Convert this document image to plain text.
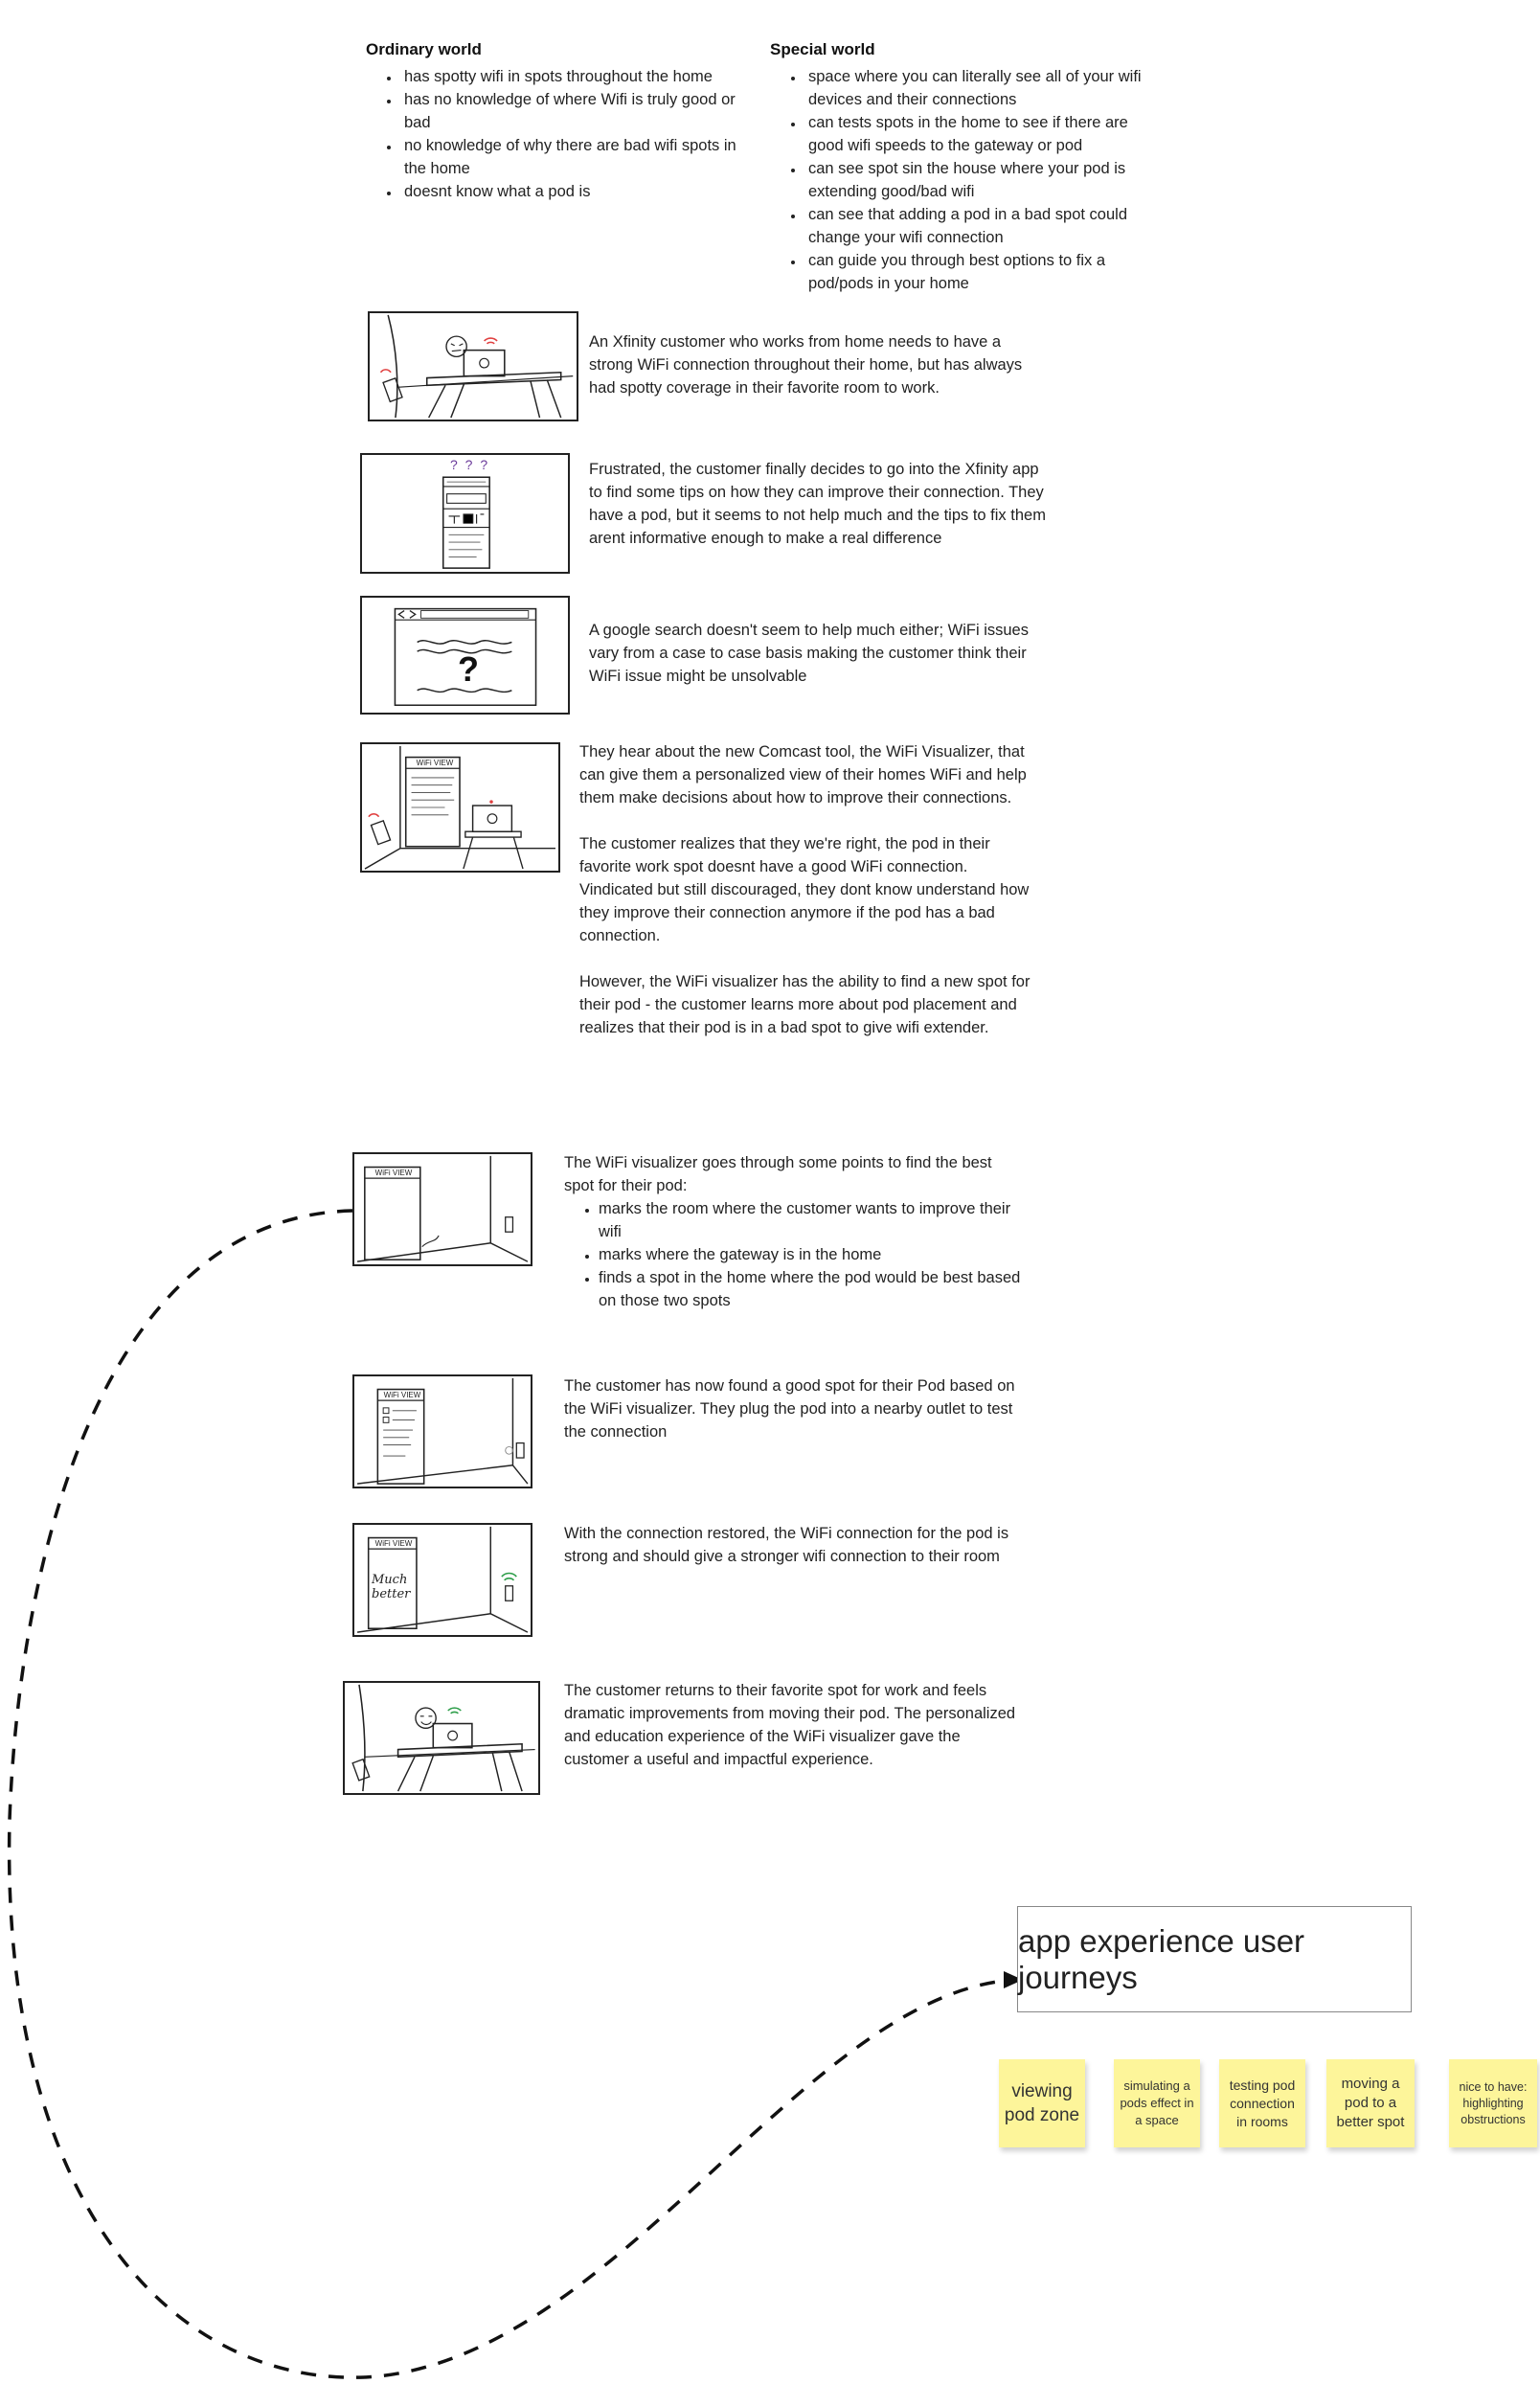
Ordinary world
• has spotty wifi in spots throughout the home
• has no knowledge of where Wifi is truly good or bad
• no knowledge of why there are bad wifi spots in the home
• doesnt know what a pod is
Special world
• space where you can literally see all of your wifi devices and their connections
• can tests spots in the home to see if there are good wifi speeds to the gateway or pod
• can see spot sin the house where your pod is extending good/bad wifi
• can see that adding a pod in a bad spot could change your wifi connection
• can guide you through best options to fix a pod/pods in your home
An Xfinity customer who works from home needs to have a strong WiFi connection throughout their home, but has always had spotty coverage in their favorite room to work.
? ? ?	Frustrated, the customer finally decides to go into the Xfinity app to find some tips on how they can improve their connection. They have a pod, but it seems to not help much and the tips to fix them arent informative enough to make a real difference
?
A google search doesn't seem to help much either; WiFi issues vary from a case to case basis making the customer think their WiFi issue might be unsolvable
WiFi VIEW

They hear about the new Comcast tool, the WiFi Visualizer, that can give them a personalized view of their homes WiFi and help them make decisions about how to improve their connections.

The customer realizes that they we're right, the pod in their favorite work spot doesnt have a good WiFi connection. Vindicated but still discouraged, they dont know understand how they improve their connection anymore if the pod has a bad connection.

However, the WiFi visualizer has the ability to find a new spot for their pod - the customer learns more about pod placement and realizes that their pod is in a bad spot to give wifi extender.

WiFi VIEW
The WiFi visualizer goes through some points to find the best spot for their pod:
• marks the room where the customer wants to improve their wifi
• marks where the gateway is in the home
• finds a spot in the home where the pod would be best based on those two spots
WiFi VIEW
The customer has now found a good spot for their Pod based on the WiFi visualizer. They plug the pod into a nearby outlet to test the connection
WiFi VIEW
Much better
With the connection restored, the WiFi connection for the pod is strong and should give a stronger wifi connection to their room
The customer returns to their favorite spot for work and feels dramatic improvements from moving their pod. The personalized and education experience of the WiFi visualizer gave the customer a useful and impactful experience.
app experience user journeys
viewing pod zone
simulating a pods effect in a space
testing pod connection in rooms
moving a pod to a better spot
nice to have: highlighting obstructions
